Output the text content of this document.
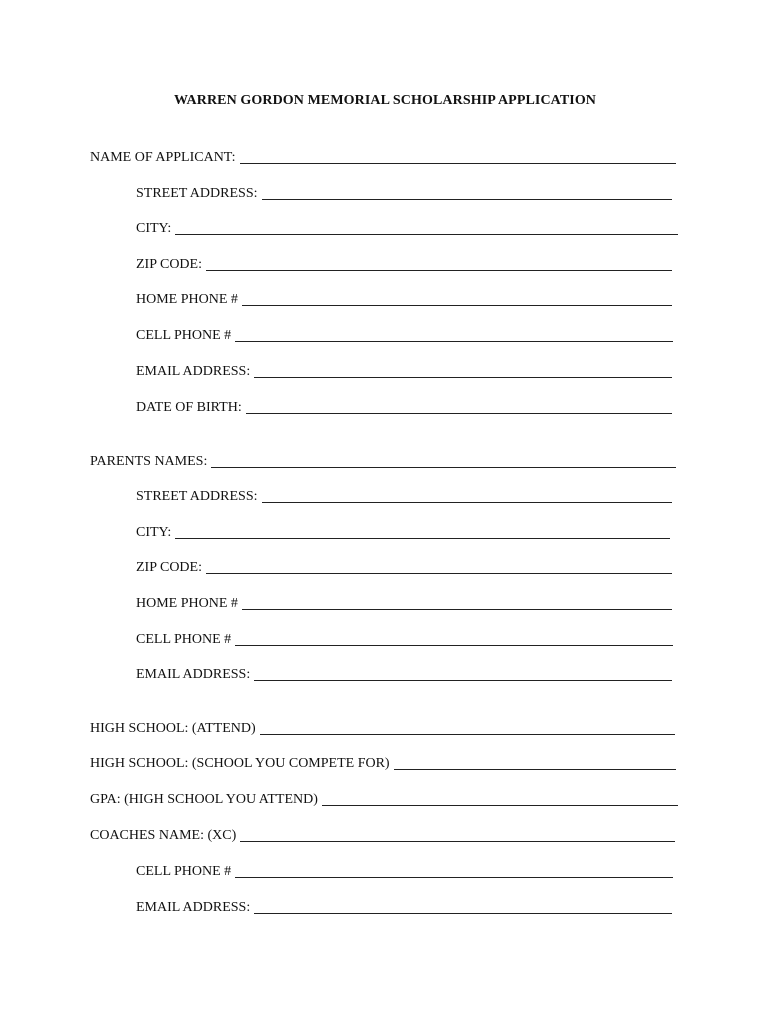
WARREN GORDON MEMORIAL SCHOLARSHIP APPLICATION
NAME OF APPLICANT:
STREET ADDRESS:
CITY:
ZIP CODE:
HOME PHONE #
CELL PHONE #
EMAIL ADDRESS:
DATE OF BIRTH:
PARENTS NAMES:
STREET ADDRESS:
CITY:
ZIP CODE:
HOME PHONE #
CELL PHONE #
EMAIL ADDRESS:
HIGH SCHOOL: (ATTEND)
HIGH SCHOOL: (SCHOOL YOU COMPETE FOR)
GPA: (HIGH SCHOOL YOU ATTEND)
COACHES NAME: (XC)
CELL PHONE #
EMAIL ADDRESS:
